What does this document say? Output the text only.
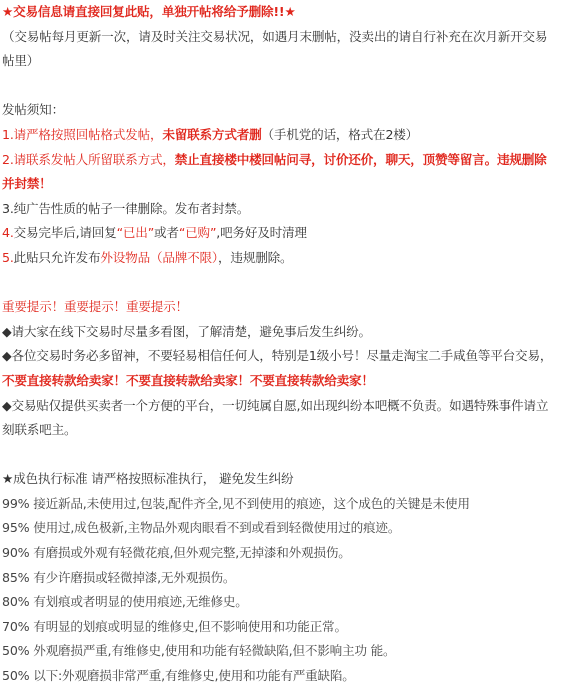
★交易信息请直接回复此贴，单独开帖将给予删除!!★
（交易帖每月更新一次，请及时关注交易状况，如遇月末删帖，没卖出的请自行补充在次月新开交易帖里）
发帖须知：
1.请严格按照回帖格式发帖，未留联系方式者删（手机党的话，格式在2楼）
2.请联系发帖人所留联系方式，禁止直接楼中楼回帖问寻，讨价还价，聊天，顶赞等留言。违规删除并封禁！
3.纯广告性质的帖子一律删除。发布者封禁。
4.交易完毕后,请回复“已出”或者“已购”,吧务好及时清理
5.此贴只允许发布外设物品（品牌不限），违规删除。
重要提示！重要提示！重要提示！
◆请大家在线下交易时尽量多看图，了解清楚，避免事后发生纠纷。
◆各位交易时务必多留神，不要轻易相信任何人，特别是1级小号！尽量走淘宝二手咸鱼等平台交易，不要直接转款给卖家！不要直接转款给卖家！不要直接转款给卖家！
◆交易贴仅提供买卖者一个方便的平台，一切纯属自愿,如出现纠纷本吧概不负责。如遇特殊事件请立刻联系吧主。
★成色执行标准 请严格按照标准执行， 避免发生纠纷
99% 接近新品,未使用过,包装,配件齐全,见不到使用的痕迹，这个成色的关键是未使用
95% 使用过,成色极新,主物品外观肉眼看不到或看到轻微使用过的痕迹。
90% 有磨损或外观有轻微花痕,但外观完整,无掉漆和外观损伤。
85% 有少许磨损或轻微掉漆,无外观损伤。
80% 有划痕或者明显的使用痕迹,无维修史。
70% 有明显的划痕或明显的维修史,但不影响使用和功能正常。
50% 外观磨损严重,有维修史,使用和功能有轻微缺陷,但不影响主功 能。
50% 以下:外观磨损非常严重,有维修史,使用和功能有严重缺陷。
